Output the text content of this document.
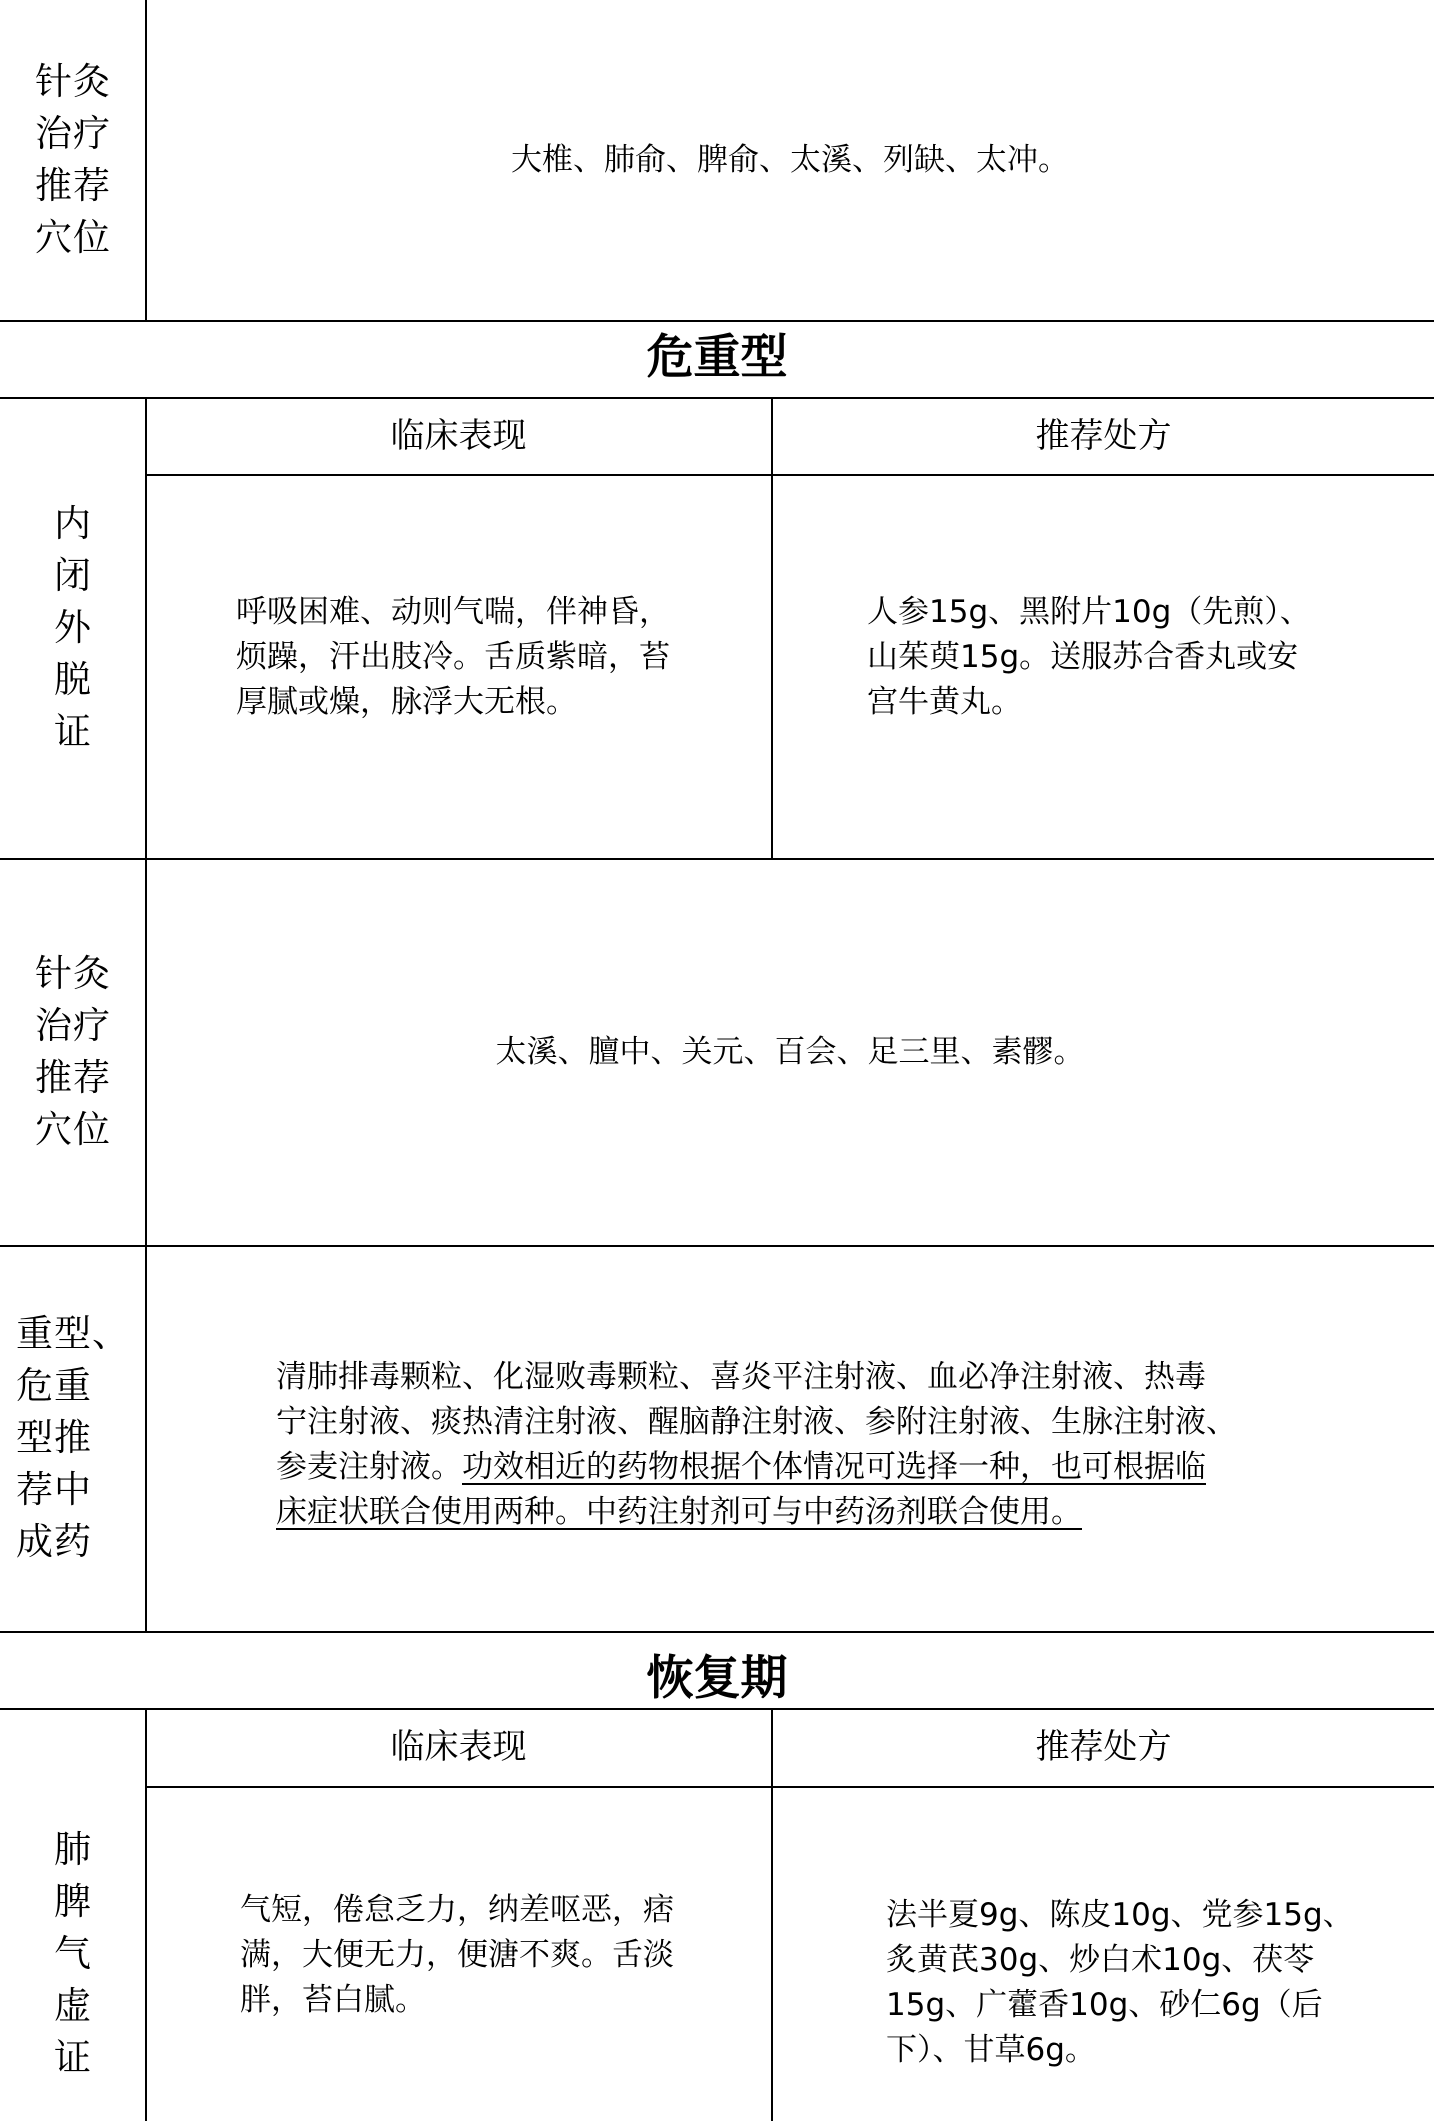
针灸
治疗
推荐
穴位
大椎、肺俞、脾俞、太溪、列缺、太冲。
危重型
临床表现	推荐处方
内
闭
外
脱
证

呼吸困难、动则气喘，伴神昏，

烦躁，汗出肢冷。舌质紫暗，苔

厚腻或燥，脉浮大无根。

人参15g、黑附片10g（先煎）、

山茱萸15g。送服苏合香丸或安

宫牛黄丸。

针灸
治疗
推荐
穴位
太溪、膻中、关元、百会、足三里、素髎。
重型、
危重
型推
荐中
成药

清肺排毒颗粒、化湿败毒颗粒、喜炎平注射液、血必净注射液、热毒

宁注射液、痰热清注射液、醒脑静注射液、参附注射液、生脉注射液、

参麦注射液。功效相近的药物根据个体情况可选择一种，也可根据临

床症状联合使用两种。中药注射剂可与中药汤剂联合使用。

恢复期
临床表现	推荐处方
肺
脾
气
虚
证

气短，倦怠乏力，纳差呕恶，痞

满，大便无力，便溏不爽。舌淡

胖，苔白腻。

法半夏9g、陈皮10g、党参15g、

炙黄芪30g、炒白术10g、茯苓

15g、广藿香10g、砂仁6g（后

下）、甘草6g。
